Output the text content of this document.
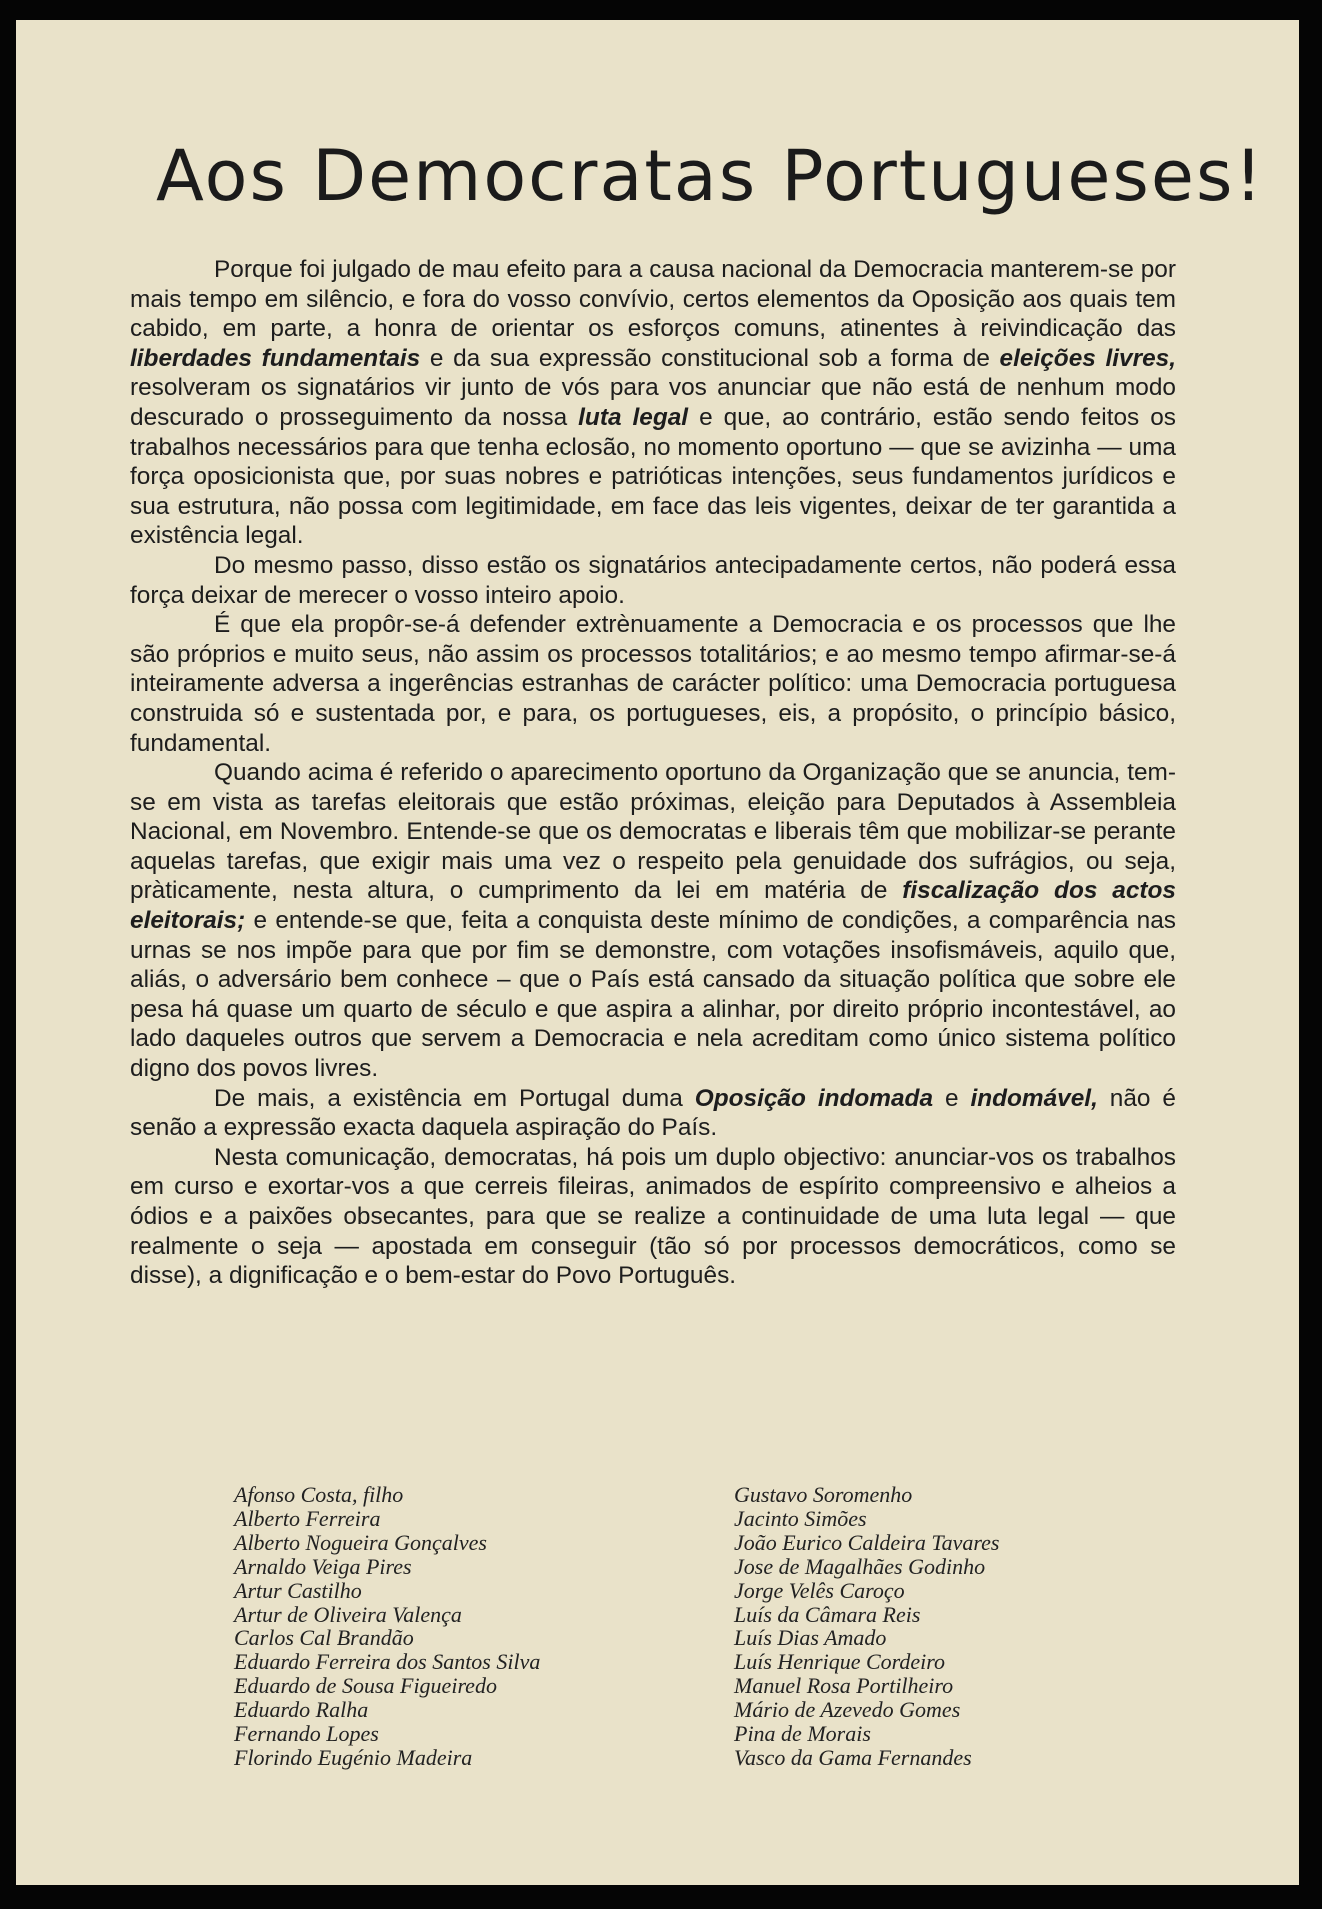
Aos Democratas Portugueses!

Porque foi julgado de mau efeito para a causa nacional da Democracia manterem-se por mais tempo em silêncio, e fora do vosso convívio, certos elementos da Oposição aos quais tem cabido, em parte, a honra de orientar os esforços comuns, atinentes à reivindicação das liberdades fundamentais e da sua expressão constitucional sob a forma de eleições livres, resolveram os signatários vir junto de vós para vos anunciar que não está de nenhum modo descurado o prosseguimento da nossa luta legal e que, ao contrário, estão sendo feitos os trabalhos necessários para que tenha eclosão, no momento oportuno — que se avizinha — uma força oposicionista que, por suas nobres e patrióticas intenções, seus fundamentos jurídicos e sua estrutura, não possa com legitimidade, em face das leis vigentes, deixar de ter garantida a existência legal.

Do mesmo passo, disso estão os signatários antecipadamente certos, não poderá essa força deixar de merecer o vosso inteiro apoio.

É que ela propôr-se-á defender extrènuamente a Democracia e os processos que lhe são próprios e muito seus, não assim os processos totalitários; e ao mesmo tempo afirmar-se-á inteiramente adversa a ingerências estranhas de carácter político: uma Democracia portuguesa construida só e sustentada por, e para, os portugueses, eis, a propósito, o princípio básico, fundamental.

Quando acima é referido o aparecimento oportuno da Organização que se anuncia, tem-se em vista as tarefas eleitorais que estão próximas, eleição para Deputados à Assembleia Nacional, em Novembro. Entende-se que os democratas e liberais têm que mobilizar-se perante aquelas tarefas, que exigir mais uma vez o respeito pela genuidade dos sufrágios, ou seja, pràticamente, nesta altura, o cumprimento da lei em matéria de fiscalização dos actos eleitorais; e entende-se que, feita a conquista deste mínimo de condições, a comparência nas urnas se nos impõe para que por fim se demonstre, com votações insofismáveis, aquilo que, aliás, o adversário bem conhece – que o País está cansado da situação política que sobre ele pesa há quase um quarto de século e que aspira a alinhar, por direito próprio incontestável, ao lado daqueles outros que servem a Democracia e nela acreditam como único sistema político digno dos povos livres.

De mais, a existência em Portugal duma Oposição indomada e indomável, não é senão a expressão exacta daquela aspiração do País.

Nesta comunicação, democratas, há pois um duplo objectivo: anunciar-vos os trabalhos em curso e exortar-vos a que cerreis fileiras, animados de espírito compreensivo e alheios a ódios e a paixões obsecantes, para que se realize a continuidade de uma luta legal — que realmente o seja — apostada em conseguir (tão só por processos democráticos, como se disse), a dignificação e o bem-estar do Povo Português.

Afonso Costa, filho
Alberto Ferreira
Alberto Nogueira Gonçalves
Arnaldo Veiga Pires
Artur Castilho
Artur de Oliveira Valença
Carlos Cal Brandão
Eduardo Ferreira dos Santos Silva
Eduardo de Sousa Figueiredo
Eduardo Ralha
Fernando Lopes
Florindo Eugénio Madeira
Gustavo Soromenho
Jacinto Simões
João Eurico Caldeira Tavares
Jose de Magalhães Godinho
Jorge Velês Caroço
Luís da Câmara Reis
Luís Dias Amado
Luís Henrique Cordeiro
Manuel Rosa Portilheiro
Mário de Azevedo Gomes
Pina de Morais
Vasco da Gama Fernandes
